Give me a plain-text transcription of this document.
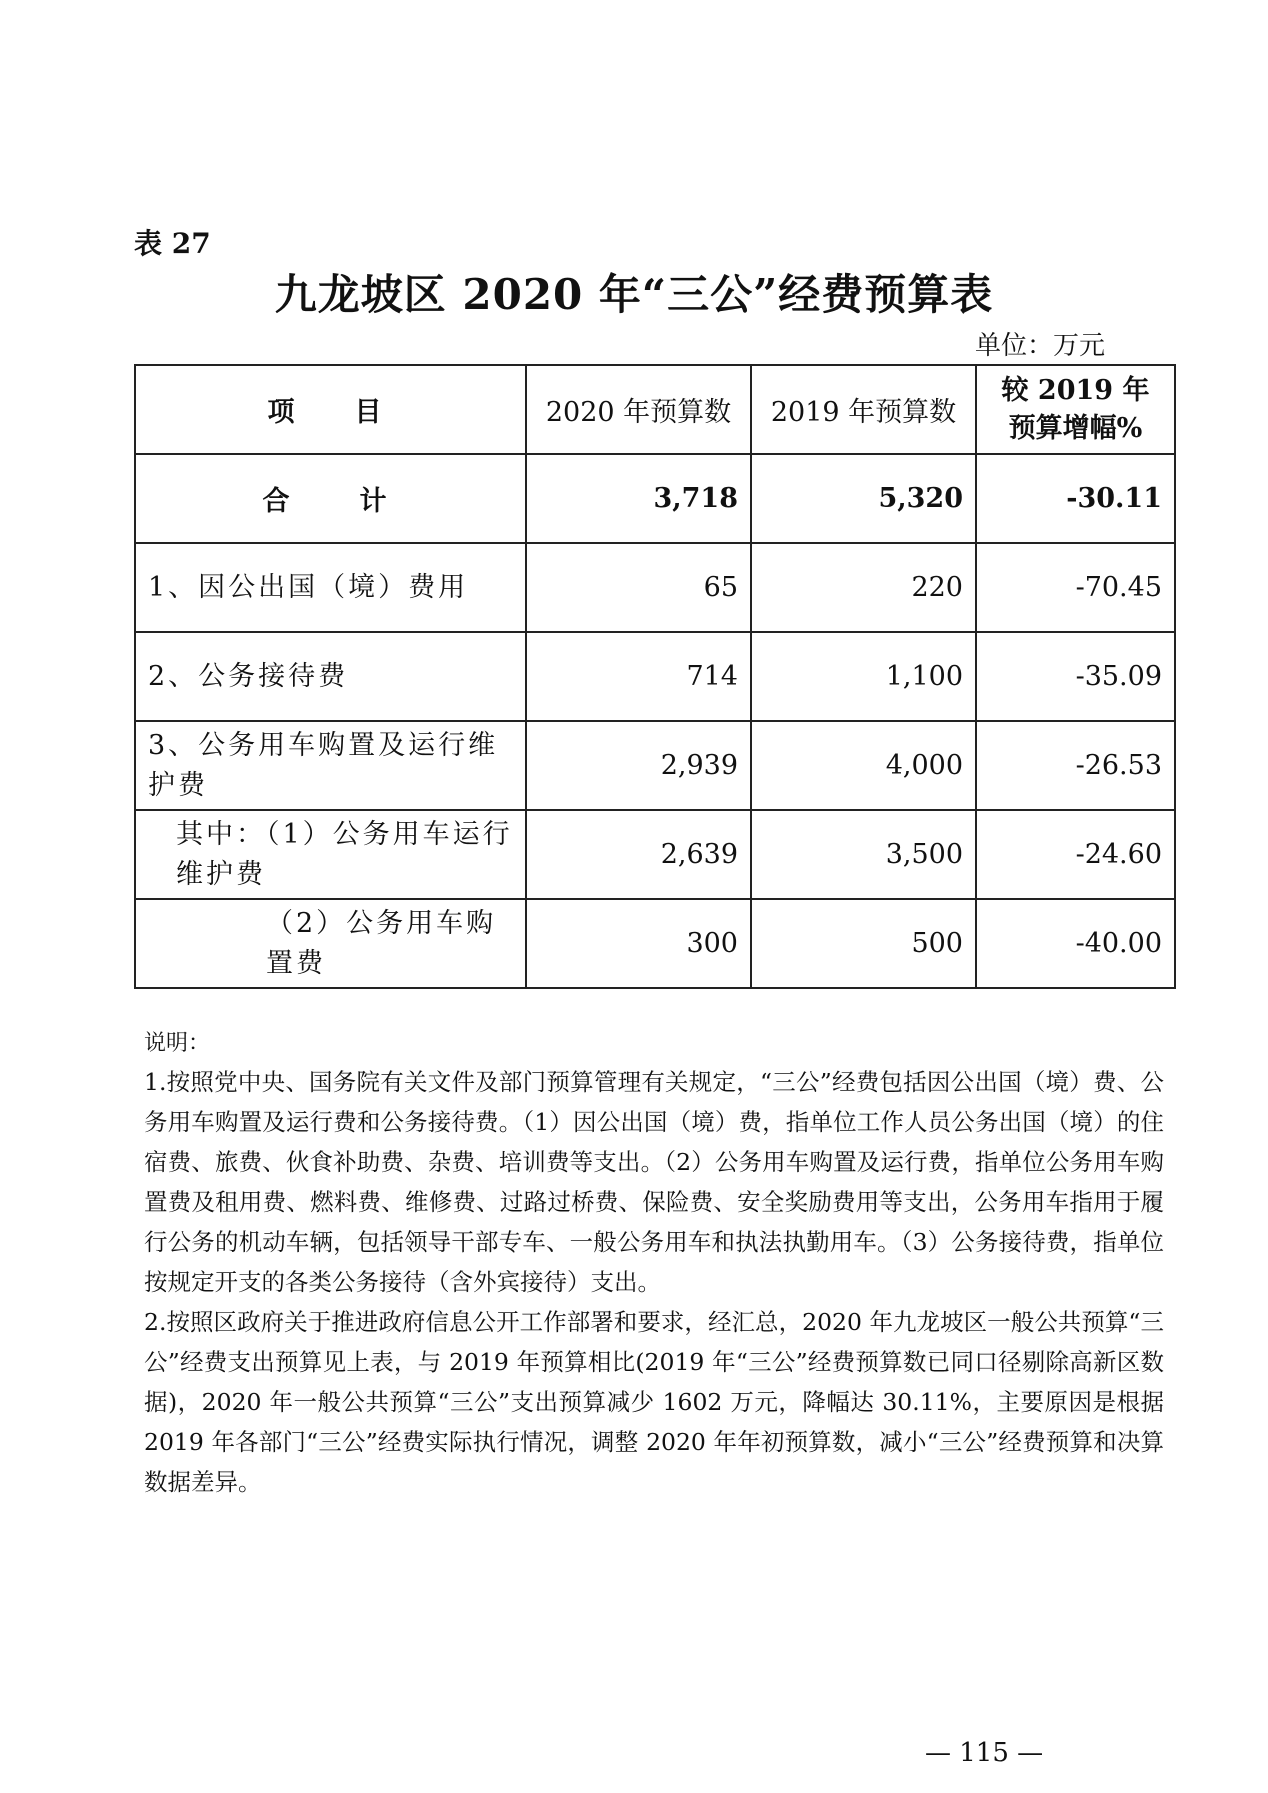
表 27
九龙坡区 2020 年“三公”经费预算表
单位：万元
项目	2020 年预算数	2019 年预算数	较 2019 年预算增幅%
合计	3,718	5,320	-30.11
1、因公出国（境）费用	65	220	-70.45
2、公务接待费	714	1,100	-35.09
3、公务用车购置及运行维护费	2,939	4,000	-26.53
其中：（1）公务用车运行维护费	2,639	3,500	-24.60
（2）公务用车购置费	300	500	-40.00

说明：

1.按照党中央、国务院有关文件及部门预算管理有关规定，“三公”经费包括因公出国（境）费、公务用车购置及运行费和公务接待费。（1）因公出国（境）费，指单位工作人员公务出国（境）的住宿费、旅费、伙食补助费、杂费、培训费等支出。（2）公务用车购置及运行费，指单位公务用车购置费及租用费、燃料费、维修费、过路过桥费、保险费、安全奖励费用等支出，公务用车指用于履行公务的机动车辆，包括领导干部专车、一般公务用车和执法执勤用车。（3）公务接待费，指单位按规定开支的各类公务接待（含外宾接待）支出。

2.按照区政府关于推进政府信息公开工作部署和要求，经汇总，2020 年九龙坡区一般公共预算“三公”经费支出预算见上表，与 2019 年预算相比(2019 年“三公”经费预算数已同口径剔除高新区数据)，2020 年一般公共预算“三公”支出预算减少 1602 万元，降幅达 30.11%，主要原因是根据 2019 年各部门“三公”经费实际执行情况，调整 2020 年年初预算数，减小“三公”经费预算和决算数据差异。

— 115 —
